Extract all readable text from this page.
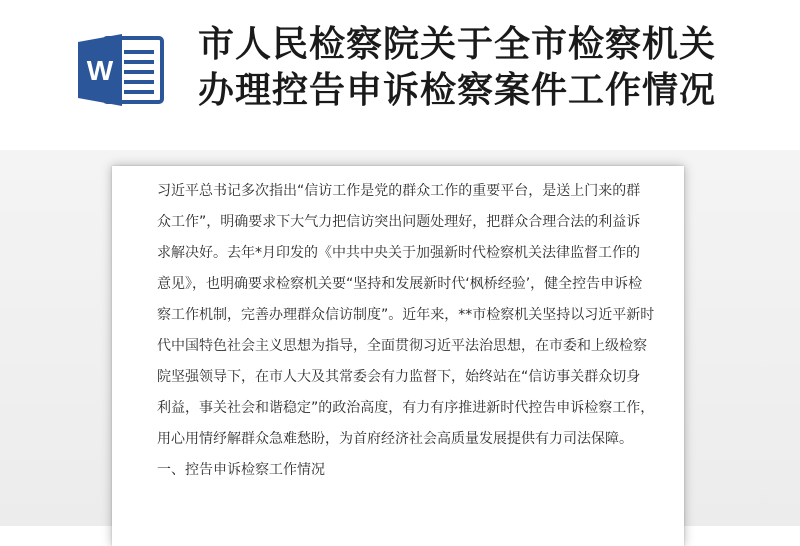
W
市人民检察院关于全市检察机关
办理控告申诉检察案件工作情况
习近平总书记多次指出“信访工作是党的群众工作的重要平台，是送上门来的群
众工作”，明确要求下大气力把信访突出问题处理好，把群众合理合法的利益诉
求解决好。去年*月印发的《中共中央关于加强新时代检察机关法律监督工作的
意见》，也明确要求检察机关要“坚持和发展新时代‘枫桥经验’，健全控告申诉检
察工作机制，完善办理群众信访制度”。近年来，**市检察机关坚持以习近平新时
代中国特色社会主义思想为指导，全面贯彻习近平法治思想，在市委和上级检察
院坚强领导下，在市人大及其常委会有力监督下，始终站在“信访事关群众切身
利益，事关社会和谐稳定”的政治高度，有力有序推进新时代控告申诉检察工作，
用心用情纾解群众急难愁盼，为首府经济社会高质量发展提供有力司法保障。
一、控告申诉检察工作情况
